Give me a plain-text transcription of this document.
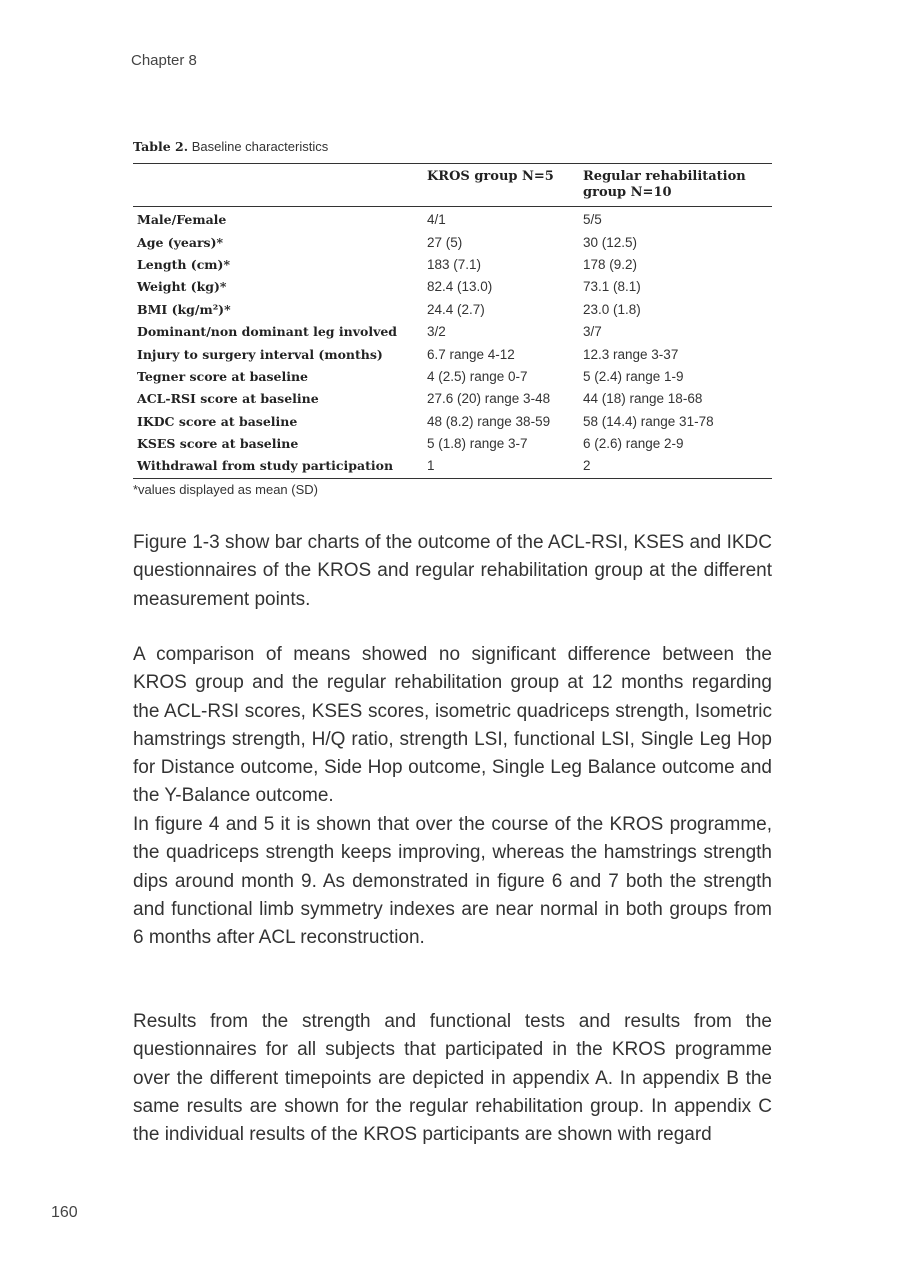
Chapter 8
Table 2. Baseline characteristics
	KROS group N=5	Regular rehabilitation group N=10
Male/Female	4/1	5/5
Age (years)*	27 (5)	30 (12.5)
Length (cm)*	183 (7.1)	178 (9.2)
Weight (kg)*	82.4 (13.0)	73.1 (8.1)
BMI (kg/m²)*	24.4 (2.7)	23.0 (1.8)
Dominant/non dominant leg involved	3/2	3/7
Injury to surgery interval (months)	6.7 range 4-12	12.3 range 3-37
Tegner score at baseline	4 (2.5) range 0-7	5 (2.4) range 1-9
ACL-RSI score at baseline	27.6 (20) range 3-48	44 (18) range 18-68
IKDC score at baseline	48 (8.2) range 38-59	58 (14.4) range 31-78
KSES score at baseline	5 (1.8) range 3-7	6 (2.6) range 2-9
Withdrawal from study participation	1	2
*values displayed as mean (SD)

Figure 1-3 show bar charts of the outcome of the ACL-RSI, KSES and IKDC questionnaires of the KROS and regular rehabilitation group at the different measurement points.

A comparison of means showed no significant difference between the KROS group and the regular rehabilitation group at 12 months regarding the ACL-RSI scores, KSES scores, isometric quadriceps strength, Isometric hamstrings strength, H/Q ratio, strength LSI, functional LSI, Single Leg Hop for Distance outcome, Side Hop outcome, Single Leg Balance outcome and the Y-Balance outcome.

In figure 4 and 5 it is shown that over the course of the KROS programme, the quadriceps strength keeps improving, whereas the hamstrings strength dips around month 9. As demonstrated in figure 6 and 7 both the strength and functional limb symmetry indexes are near normal in both groups from 6 months after ACL reconstruction.

Results from the strength and functional tests and results from the questionnaires for all subjects that participated in the KROS programme over the different timepoints are depicted in appendix A. In appendix B the same results are shown for the regular rehabilitation group. In appendix C the individual results of the KROS participants are shown with regard

160
